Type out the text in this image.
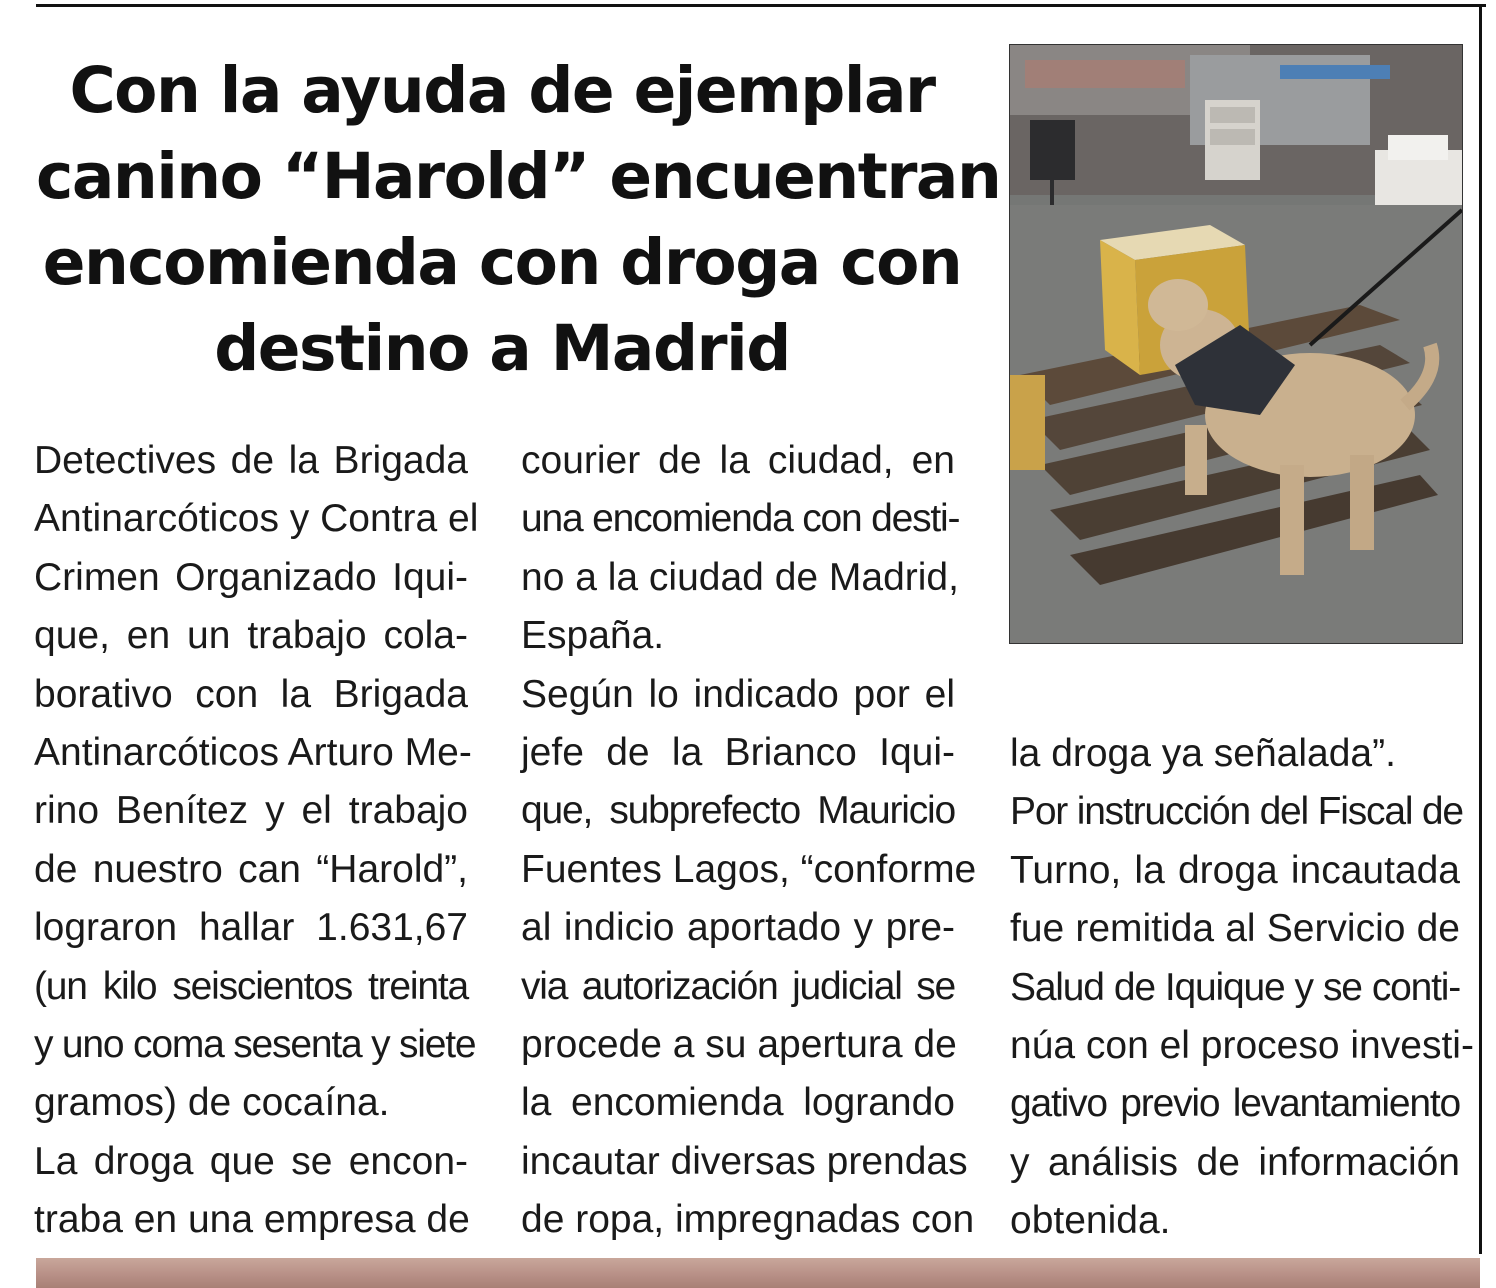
Con la ayuda de ejemplar
canino “Harold” encuentran
encomienda con droga con
destino a Madrid
Detectives de la Brigada
Antinarcóticos y Contra el
Crimen Organizado Iqui-
que, en un trabajo cola-
borativo con la Brigada
Antinarcóticos Arturo Me-
rino Benítez y el trabajo
de nuestro can “Harold”,
lograron hallar 1.631,67
(un kilo seiscientos treinta
y uno coma sesenta y siete
gramos) de cocaína.
La droga que se encon-
traba en una empresa de
courier de la ciudad, en
una encomienda con desti-
no a la ciudad de Madrid,
España.
Según lo indicado por el
jefe de la Brianco Iqui-
que, subprefecto Mauricio
Fuentes Lagos, “conforme
al indicio aportado y pre-
via autorización judicial se
procede a su apertura de
la encomienda logrando
incautar diversas prendas
de ropa, impregnadas con
la droga ya señalada”.
Por instrucción del Fiscal de
Turno, la droga incautada
fue remitida al Servicio de
Salud de Iquique y se conti-
núa con el proceso investi-
gativo previo levantamiento
y análisis de información
obtenida.
